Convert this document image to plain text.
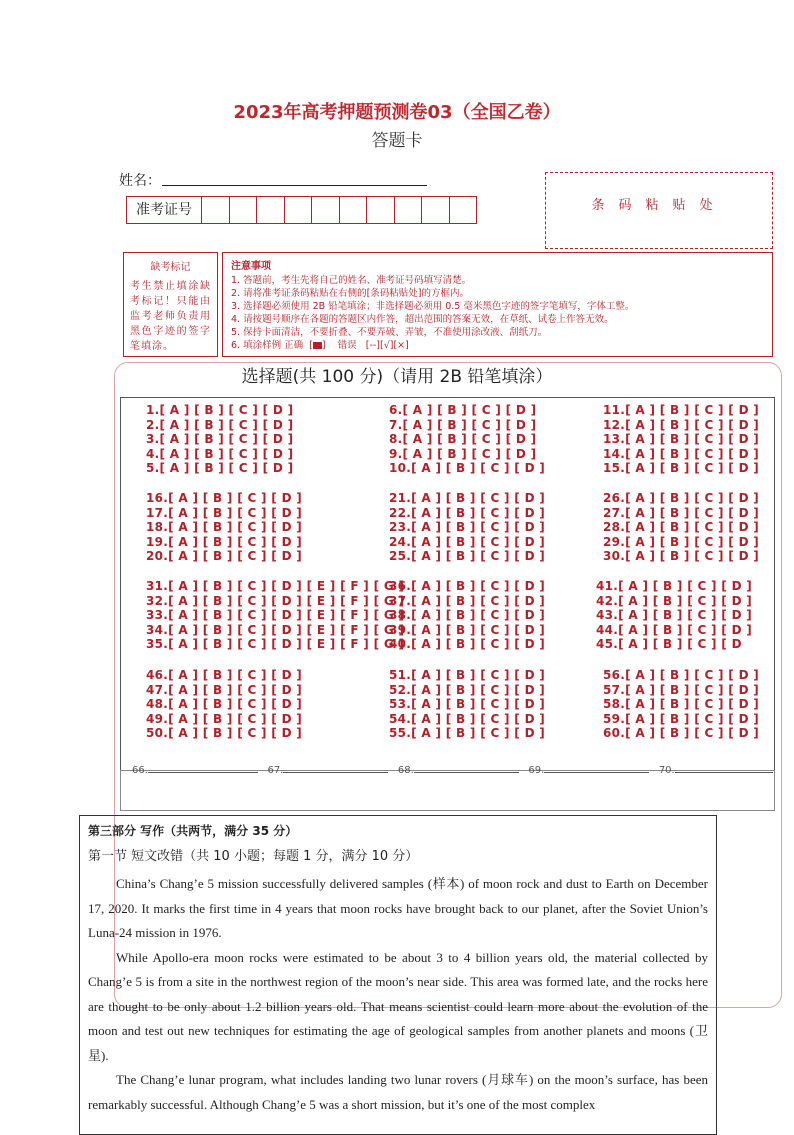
2023年高考押题预测卷03（全国乙卷）
答题卡
姓名：
准考证号	条码粘贴处
缺考标记
考生禁止填涂缺考标记！只能由监考老师负责用黑色字迹的签字笔填涂。
注意事项
1. 答题前，考生先将自己的姓名、准考证号码填写清楚。
2. 请将准考证条码粘贴在右侧的[条码粘贴处]的方框内。
3. 选择题必须使用 2B 铅笔填涂；非选择题必须用 0.5 毫米黑色字迹的签字笔填写，字体工整。
4. 请按题号顺序在各题的答题区内作答，超出范围的答案无效，在草纸、试卷上作答无效。
5. 保持卡面清洁，不要折叠、不要弄破、弄皱，不准使用涂改液、刮纸刀。
6. 填涂样例 正确  [ ]    错误 [--][√][×]
选择题(共 100 分)（请用 2B 铅笔填涂）
1.[ A ] [ B ] [ C ] [ D ]
2.[ A ] [ B ] [ C ] [ D ]
3.[ A ] [ B ] [ C ] [ D ]
4.[ A ] [ B ] [ C ] [ D ]
5.[ A ] [ B ] [ C ] [ D ]
16.[ A ] [ B ] [ C ] [ D ]
17.[ A ] [ B ] [ C ] [ D ]
18.[ A ] [ B ] [ C ] [ D ]
19.[ A ] [ B ] [ C ] [ D ]
20.[ A ] [ B ] [ C ] [ D ]
31.[ A ] [ B ] [ C ] [ D ] [ E ] [ F ] [ G ]
32.[ A ] [ B ] [ C ] [ D ] [ E ] [ F ] [ G ]
33.[ A ] [ B ] [ C ] [ D ] [ E ] [ F ] [ G ]
34.[ A ] [ B ] [ C ] [ D ] [ E ] [ F ] [ G ]
35.[ A ] [ B ] [ C ] [ D ] [ E ] [ F ] [ G ]
46.[ A ] [ B ] [ C ] [ D ]
47.[ A ] [ B ] [ C ] [ D ]
48.[ A ] [ B ] [ C ] [ D ]
49.[ A ] [ B ] [ C ] [ D ]
50.[ A ] [ B ] [ C ] [ D ]
6.[ A ] [ B ] [ C ] [ D ]
7.[ A ] [ B ] [ C ] [ D ]
8.[ A ] [ B ] [ C ] [ D ]
9.[ A ] [ B ] [ C ] [ D ]
10.[ A ] [ B ] [ C ] [ D ]
21.[ A ] [ B ] [ C ] [ D ]
22.[ A ] [ B ] [ C ] [ D ]
23.[ A ] [ B ] [ C ] [ D ]
24.[ A ] [ B ] [ C ] [ D ]
25.[ A ] [ B ] [ C ] [ D ]
36.[ A ] [ B ] [ C ] [ D ]
37.[ A ] [ B ] [ C ] [ D ]
38.[ A ] [ B ] [ C ] [ D ]
39.[ A ] [ B ] [ C ] [ D ]
40.[ A ] [ B ] [ C ] [ D ]
51.[ A ] [ B ] [ C ] [ D ]
52.[ A ] [ B ] [ C ] [ D ]
53.[ A ] [ B ] [ C ] [ D ]
54.[ A ] [ B ] [ C ] [ D ]
55.[ A ] [ B ] [ C ] [ D ]
11.[ A ] [ B ] [ C ] [ D ]
12.[ A ] [ B ] [ C ] [ D ]
13.[ A ] [ B ] [ C ] [ D ]
14.[ A ] [ B ] [ C ] [ D ]
15.[ A ] [ B ] [ C ] [ D ]
26.[ A ] [ B ] [ C ] [ D ]
27.[ A ] [ B ] [ C ] [ D ]
28.[ A ] [ B ] [ C ] [ D ]
29.[ A ] [ B ] [ C ] [ D ]
30.[ A ] [ B ] [ C ] [ D ]
41.[ A ] [ B ] [ C ] [ D ]
42.[ A ] [ B ] [ C ] [ D ]
43.[ A ] [ B ] [ C ] [ D ]
44.[ A ] [ B ] [ C ] [ D ]
45.[ A ] [ B ] [ C ] [ D
56.[ A ] [ B ] [ C ] [ D ]
57.[ A ] [ B ] [ C ] [ D ]
58.[ A ] [ B ] [ C ] [ D ]
59.[ A ] [ B ] [ C ] [ D ]
60.[ A ] [ B ] [ C ] [ D ]
66.	67.	68.	69.	70.
第三部分 写作（共两节，满分 35 分）
第一节 短文改错（共 10 小题；每题 1 分，满分 10 分）

China’s Chang’e 5 mission successfully delivered samples (样本) of moon rock and dust to Earth on December 17, 2020. It marks the first time in 4 years that moon rocks have brought back to our planet, after the Soviet Union’s Luna-24 mission in 1976.

While Apollo-era moon rocks were estimated to be about 3 to 4 billion years old, the material collected by Chang’e 5 is from a site in the northwest region of the moon’s near side. This area was formed late, and the rocks here are thought to be only about 1.2 billion years old. That means scientist could learn more about the evolution of the moon and test out new techniques for estimating the age of geological samples from another planets and moons (卫星).

The Chang’e lunar program, what includes landing two lunar rovers (月球车) on the moon’s surface, has been remarkably successful. Although Chang’e 5 was a short mission, but it’s one of the most complex
